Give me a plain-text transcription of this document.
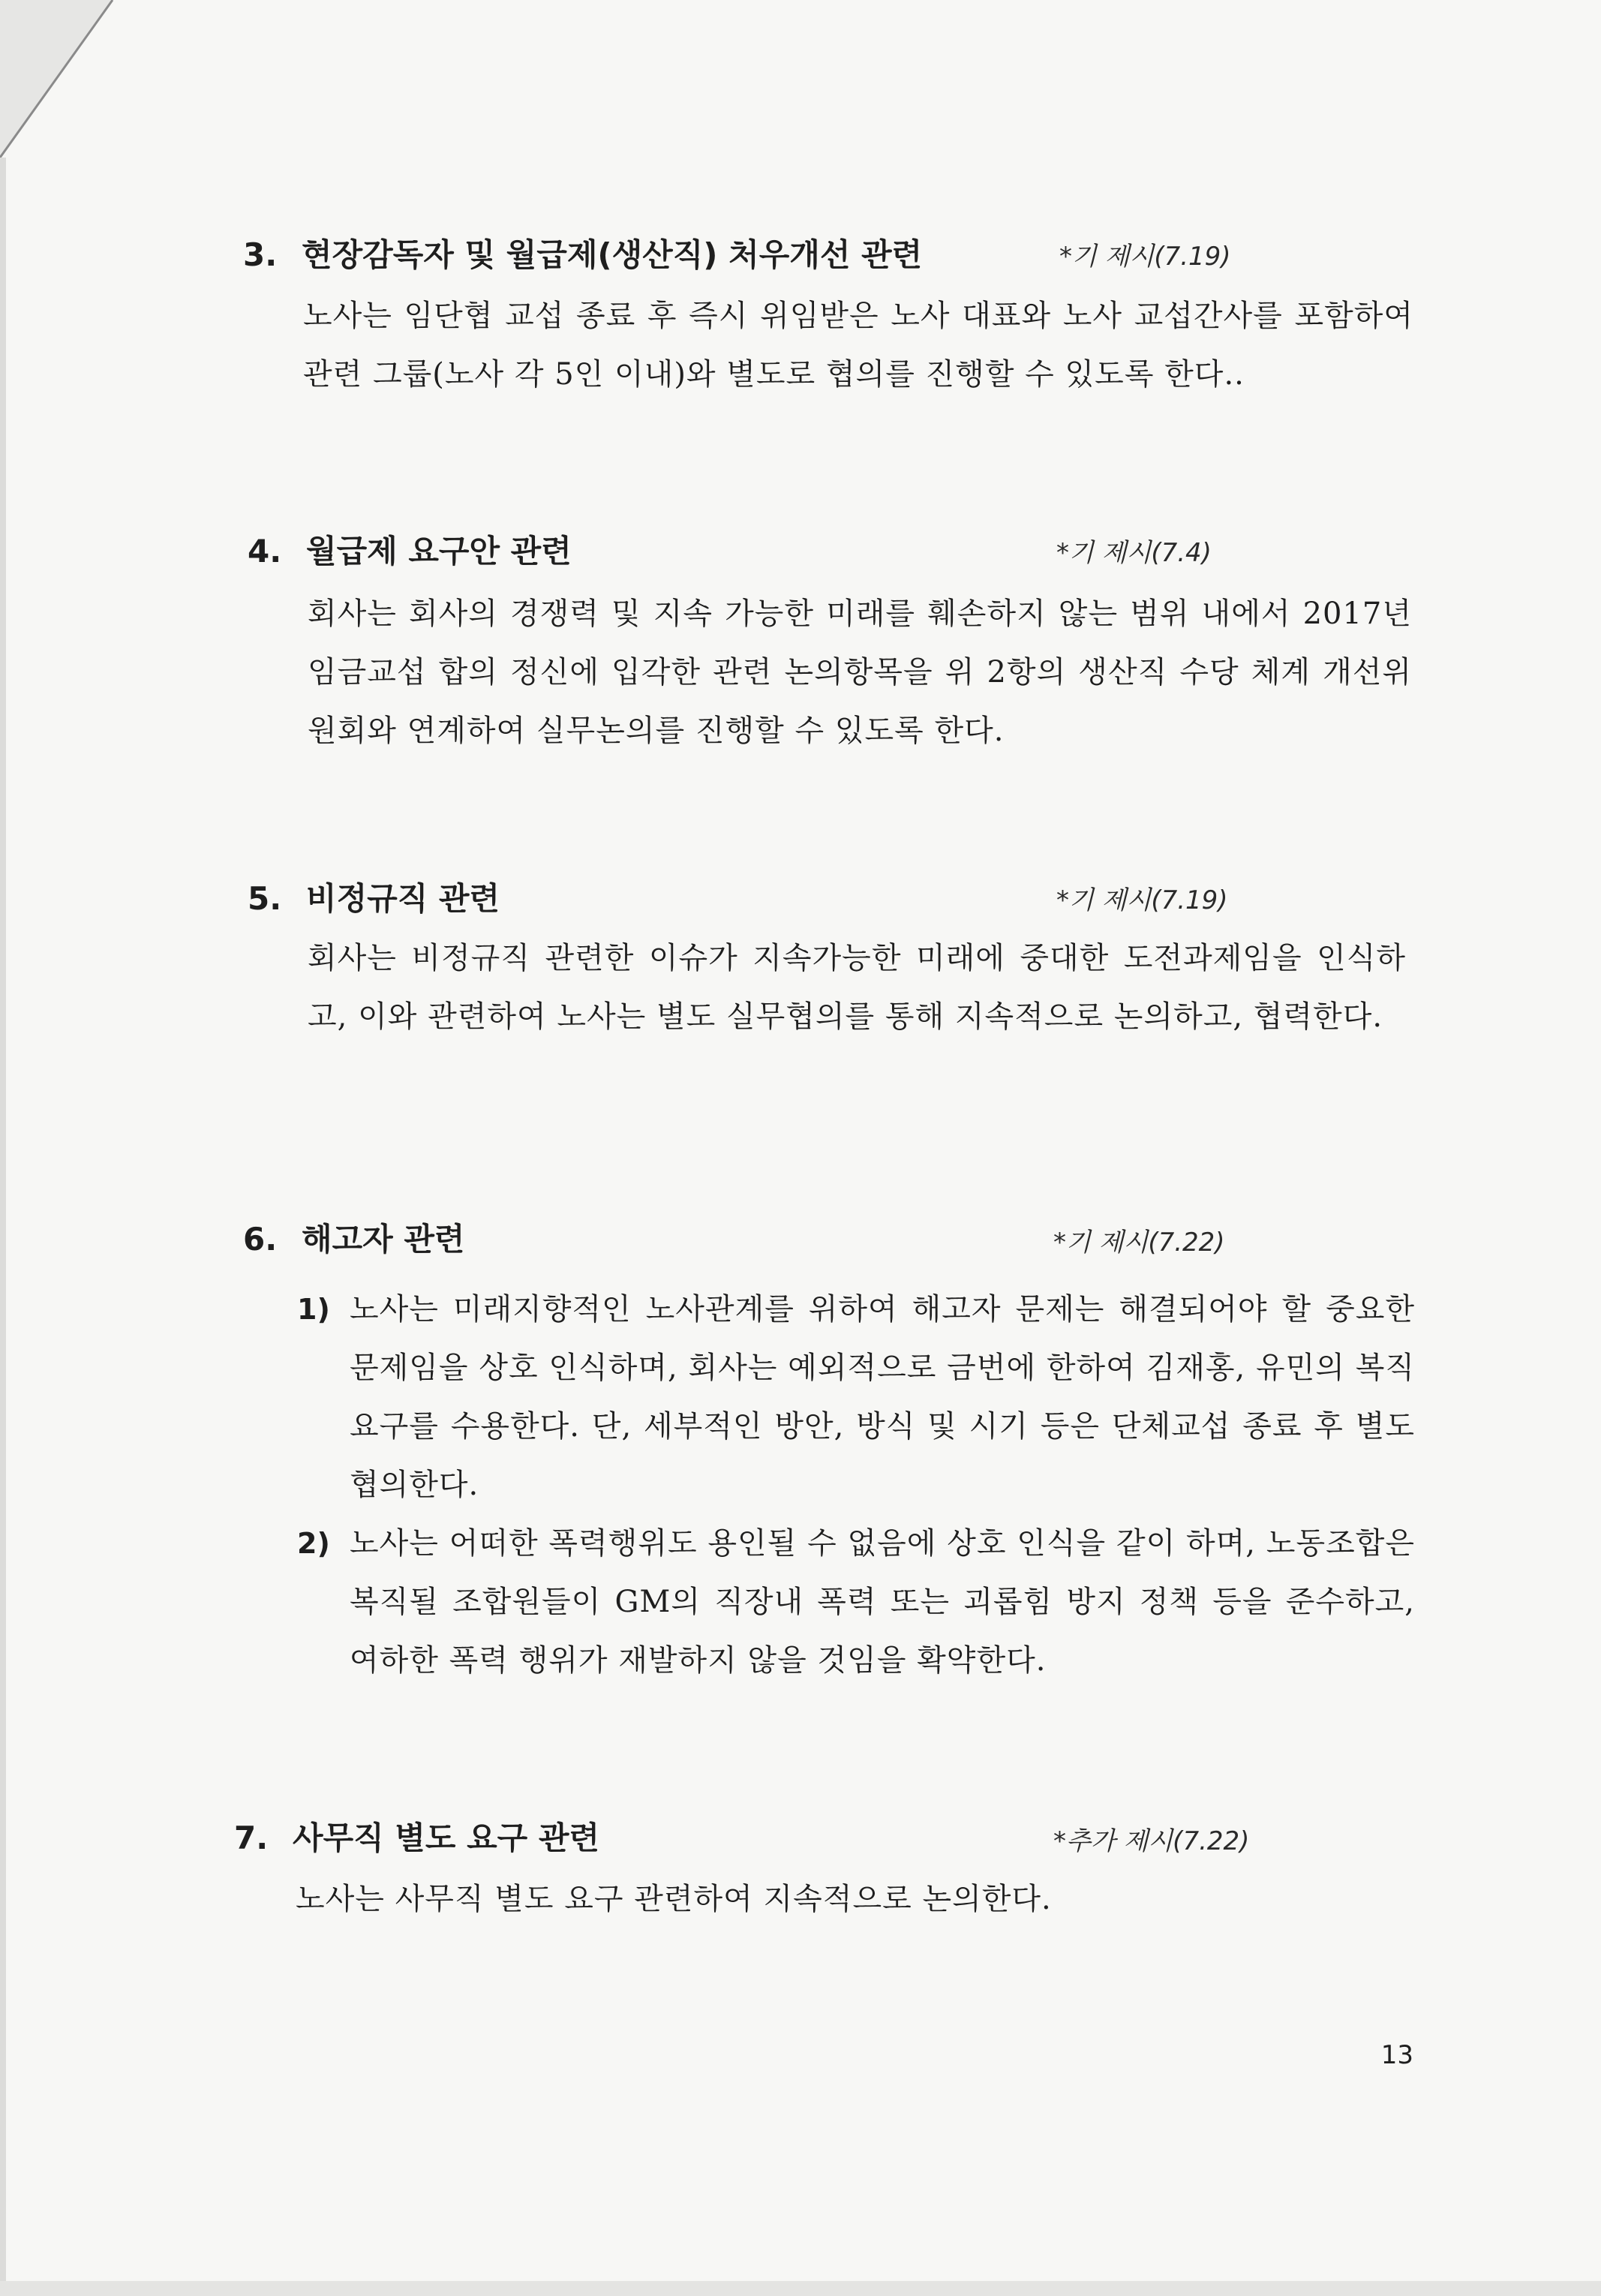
3. 현장감독자 및 월급제(생산직) 처우개선 관련	*기 제시(7.19)
노사는 임단협 교섭 종료 후 즉시 위임받은 노사 대표와 노사 교섭간사를 포함하여 관련 그룹(노사 각 5인 이내)와 별도로 협의를 진행할 수 있도록 한다..
4. 월급제 요구안 관련	*기 제시(7.4)
회사는 회사의 경쟁력 및 지속 가능한 미래를 훼손하지 않는 범위 내에서 2017년 임금교섭 합의 정신에 입각한 관련 논의항목을 위 2항의 생산직 수당 체계 개선위원회와 연계하여 실무논의를 진행할 수 있도록 한다.
5. 비정규직 관련	*기 제시(7.19)
회사는 비정규직 관련한 이슈가 지속가능한 미래에 중대한 도전과제임을 인식하고, 이와 관련하여 노사는 별도 실무협의를 통해 지속적으로 논의하고, 협력한다.
6. 해고자 관련	*기 제시(7.22)
1) 노사는 미래지향적인 노사관계를 위하여 해고자 문제는 해결되어야 할 중요한 문제임을 상호 인식하며, 회사는 예외적으로 금번에 한하여 김재홍, 유민의 복직 요구를 수용한다. 단, 세부적인 방안, 방식 및 시기 등은 단체교섭 종료 후 별도 협의한다.
2) 노사는 어떠한 폭력행위도 용인될 수 없음에 상호 인식을 같이 하며, 노동조합은 복직될 조합원들이 GM의 직장내 폭력 또는 괴롭힘 방지 정책 등을 준수하고, 여하한 폭력 행위가 재발하지 않을 것임을 확약한다.
7. 사무직 별도 요구 관련	*추가 제시(7.22)
노사는 사무직 별도 요구 관련하여 지속적으로 논의한다.
13
